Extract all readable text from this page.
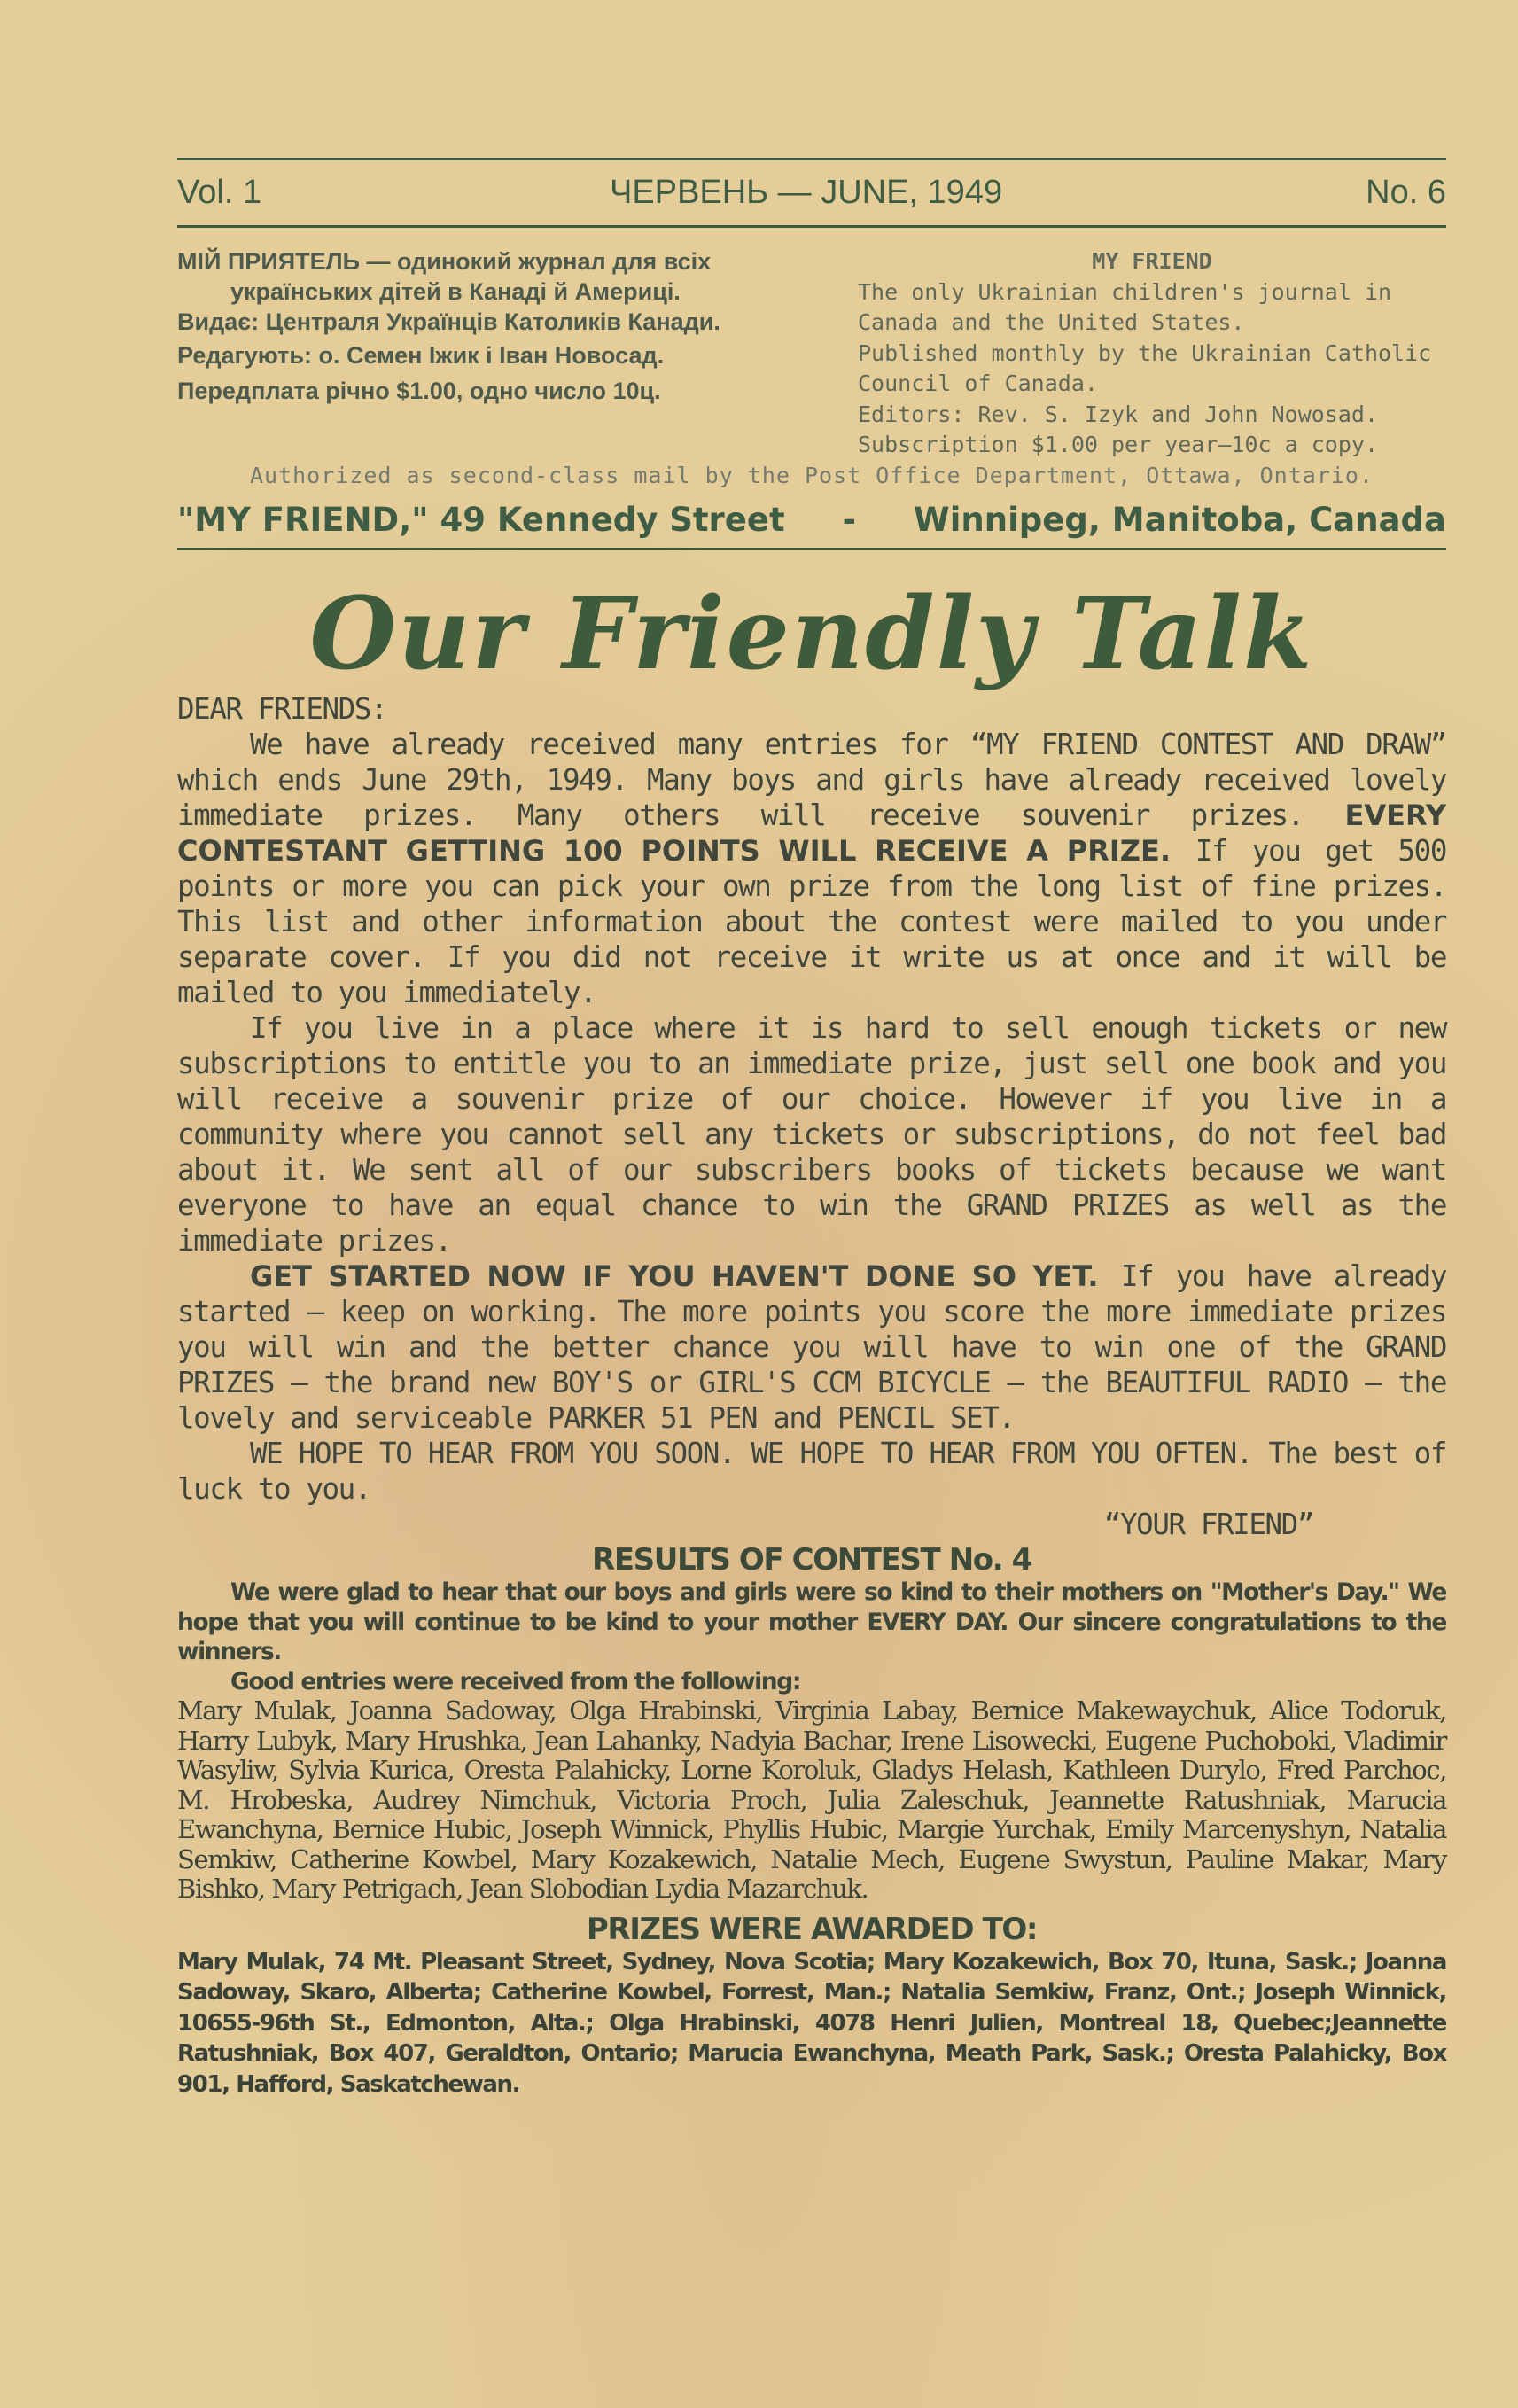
Vol. 1	ЧЕРВЕНЬ — JUNE, 1949	No. 6

МІЙ ПРИЯТЕЛЬ — одинокий журнал для всіх українських дітей в Канаді й Америці.

Видає: Централя Українців Католиків Канади.

Редагують: о. Семен Іжик і Іван Новосад.

Передплата річно $1.00, одно число 10ц.

MY FRIEND

The only Ukrainian children's journal in Canada and the United States.

Published monthly by the Ukrainian Catholic Council of Canada.

Editors: Rev. S. Izyk and John Nowosad.

Subscription $1.00 per year—10c a copy.

Authorized as second-class mail by the Post Office Department, Ottawa, Ontario.
"MY FRIEND," 49 Kennedy Street - Winnipeg, Manitoba, Canada
Our Friendly Talk

DEAR FRIENDS:

We have already received many entries for “MY FRIEND CONTEST AND DRAW” which ends June 29th, 1949. Many boys and girls have already received lovely immediate prizes. Many others will receive souvenir prizes. EVERY CONTESTANT GETTING 100 POINTS WILL RECEIVE A PRIZE. If you get 500 points or more you can pick your own prize from the long list of fine prizes. This list and other information about the contest were mailed to you under separate cover. If you did not receive it write us at once and it will be mailed to you immediately.

If you live in a place where it is hard to sell enough tickets or new subscriptions to entitle you to an immediate prize, just sell one book and you will receive a souvenir prize of our choice. However if you live in a community where you cannot sell any tickets or subscriptions, do not feel bad about it. We sent all of our subscribers books of tickets because we want everyone to have an equal chance to win the GRAND PRIZES as well as the immediate prizes.

GET STARTED NOW IF YOU HAVEN'T DONE SO YET. If you have already started — keep on working. The more points you score the more immediate prizes you will win and the better chance you will have to win one of the GRAND PRIZES — the brand new BOY'S or GIRL'S CCM BICYCLE — the BEAUTIFUL RADIO — the lovely and serviceable PARKER 51 PEN and PENCIL SET.

WE HOPE TO HEAR FROM YOU SOON. WE HOPE TO HEAR FROM YOU OFTEN. The best of luck to you.

“YOUR FRIEND”

RESULTS OF CONTEST No. 4

We were glad to hear that our boys and girls were so kind to their mothers on "Mother's Day." We hope that you will continue to be kind to your mother EVERY DAY. Our sincere congratulations to the winners.

Good entries were received from the following:

Mary Mulak, Joanna Sadoway, Olga Hrabinski, Virginia Labay, Bernice Makewaychuk, Alice Todoruk, Harry Lubyk, Mary Hrushka, Jean Lahanky, Nadyia Bachar, Irene Lisowecki, Eugene Puchoboki, Vladimir Wasyliw, Sylvia Kurica, Oresta Palahicky, Lorne Koroluk, Gladys Helash, Kathleen Durylo, Fred Parchoc, M. Hrobeska, Audrey Nimchuk, Victoria Proch, Julia Zaleschuk, Jeannette Ratushniak, Marucia Ewanchyna, Bernice Hubic, Joseph Winnick, Phyllis Hubic, Margie Yurchak, Emily Marcenyshyn, Natalia Semkiw, Catherine Kowbel, Mary Kozakewich, Natalie Mech, Eugene Swystun, Pauline Makar, Mary Bishko, Mary Petrigach, Jean Slobodian Lydia Mazarchuk.

PRIZES WERE AWARDED TO:

Mary Mulak, 74 Mt. Pleasant Street, Sydney, Nova Scotia; Mary Kozakewich, Box 70, Ituna, Sask.; Joanna Sadoway, Skaro, Alberta; Catherine Kowbel, Forrest, Man.; Natalia Semkiw, Franz, Ont.; Joseph Winnick, 10655-96th St., Edmonton, Alta.; Olga Hrabinski, 4078 Henri Julien, Montreal 18, Quebec;Jeannette Ratushniak, Box 407, Geraldton, Ontario; Marucia Ewanchyna, Meath Park, Sask.; Oresta Palahicky, Box 901, Hafford, Saskatchewan.
